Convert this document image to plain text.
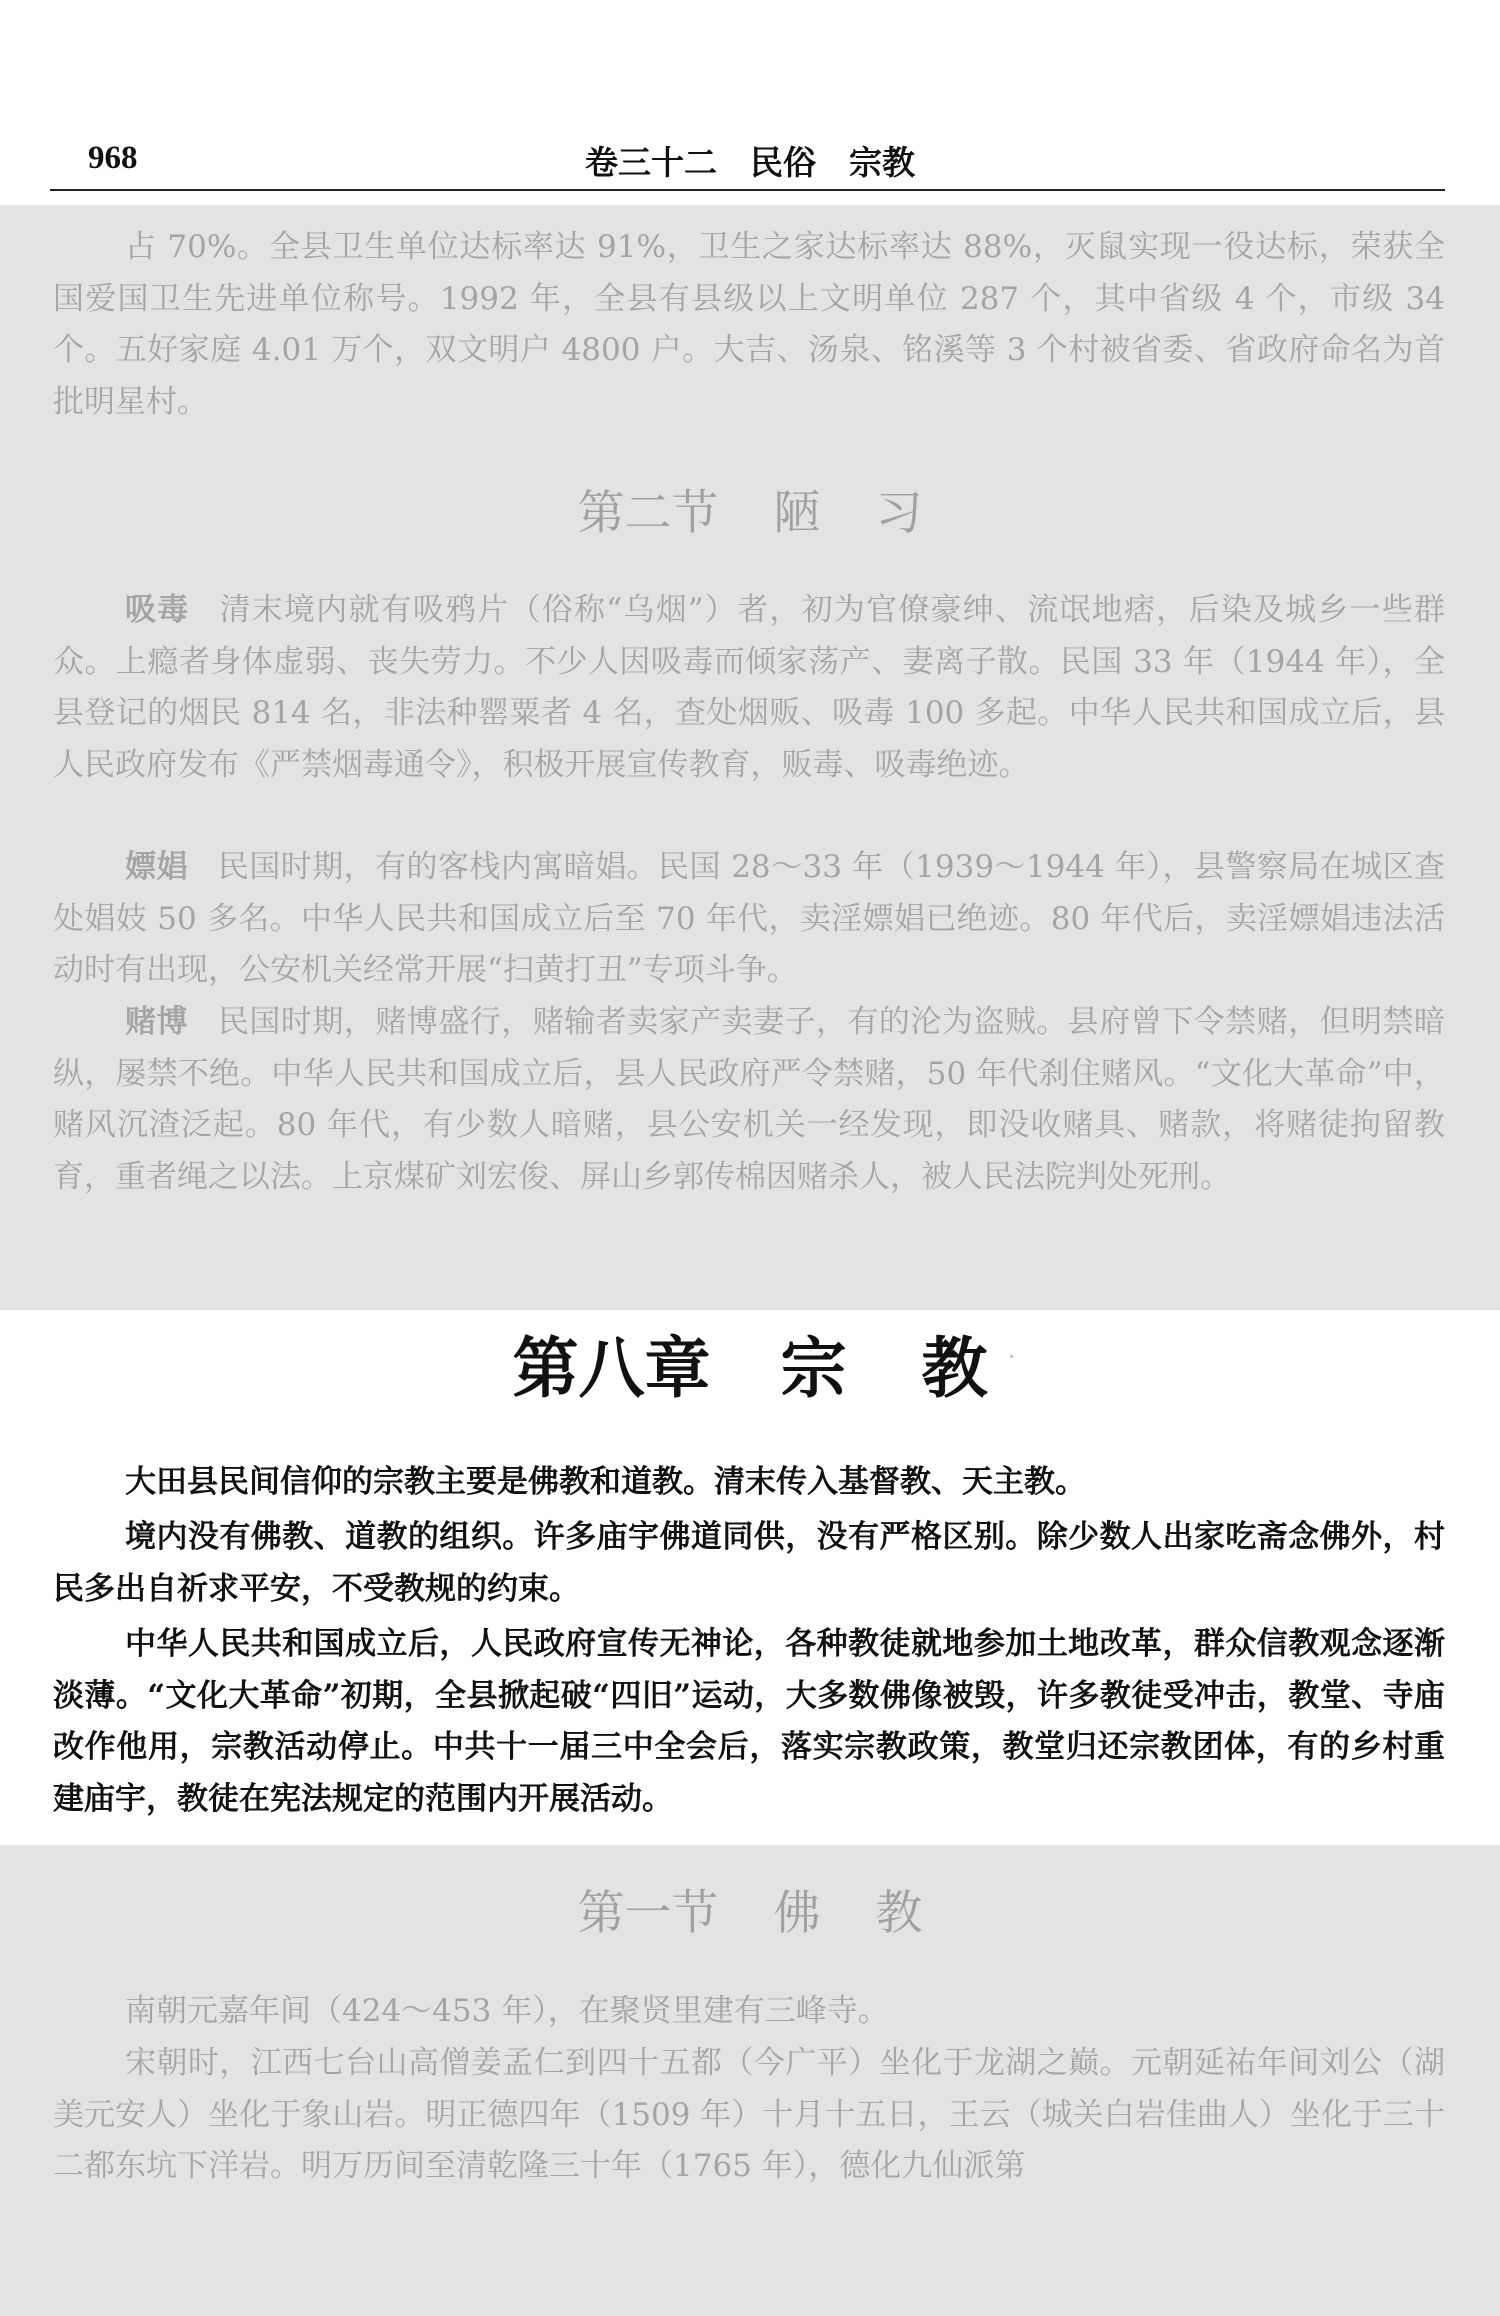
968	卷三十二　民俗　宗教

占 70%。全县卫生单位达标率达 91%，卫生之家达标率达 88%，灭鼠实现一役达标，荣获全国爱国卫生先进单位称号。1992 年，全县有县级以上文明单位 287 个，其中省级 4 个，市级 34 个。五好家庭 4.01 万个，双文明户 4800 户。大吉、汤泉、铭溪等 3 个村被省委、省政府命名为首批明星村。

第二节 陋 习

吸毒 清末境内就有吸鸦片（俗称“乌烟”）者，初为官僚豪绅、流氓地痞，后染及城乡一些群众。上瘾者身体虚弱、丧失劳力。不少人因吸毒而倾家荡产、妻离子散。民国 33 年（1944 年），全县登记的烟民 814 名，非法种罂粟者 4 名，查处烟贩、吸毒 100 多起。中华人民共和国成立后，县人民政府发布《严禁烟毒通令》，积极开展宣传教育，贩毒、吸毒绝迹。

嫖娼 民国时期，有的客栈内寓暗娼。民国 28～33 年（1939～1944 年），县警察局在城区查处娼妓 50 多名。中华人民共和国成立后至 70 年代，卖淫嫖娼已绝迹。80 年代后，卖淫嫖娼违法活动时有出现，公安机关经常开展“扫黄打丑”专项斗争。

赌博 民国时期，赌博盛行，赌输者卖家产卖妻子，有的沦为盗贼。县府曾下令禁赌，但明禁暗纵，屡禁不绝。中华人民共和国成立后，县人民政府严令禁赌，50 年代刹住赌风。“文化大革命”中，赌风沉渣泛起。80 年代，有少数人暗赌，县公安机关一经发现，即没收赌具、赌款，将赌徒拘留教育，重者绳之以法。上京煤矿刘宏俊、屏山乡郭传棉因赌杀人，被人民法院判处死刑。

第八章 宗 教

大田县民间信仰的宗教主要是佛教和道教。清末传入基督教、天主教。

境内没有佛教、道教的组织。许多庙宇佛道同供，没有严格区别。除少数人出家吃斋念佛外，村民多出自祈求平安，不受教规的约束。

中华人民共和国成立后，人民政府宣传无神论，各种教徒就地参加土地改革，群众信教观念逐渐淡薄。“文化大革命”初期，全县掀起破“四旧”运动，大多数佛像被毁，许多教徒受冲击，教堂、寺庙改作他用，宗教活动停止。中共十一届三中全会后，落实宗教政策，教堂归还宗教团体，有的乡村重建庙宇，教徒在宪法规定的范围内开展活动。

第一节 佛 教

南朝元嘉年间（424～453 年），在聚贤里建有三峰寺。

宋朝时，江西七台山高僧姜孟仁到四十五都（今广平）坐化于龙湖之巅。元朝延祐年间刘公（湖美元安人）坐化于象山岩。明正德四年（1509 年）十月十五日，王云（城关白岩佳曲人）坐化于三十二都东坑下洋岩。明万历间至清乾隆三十年（1765 年），德化九仙派第
